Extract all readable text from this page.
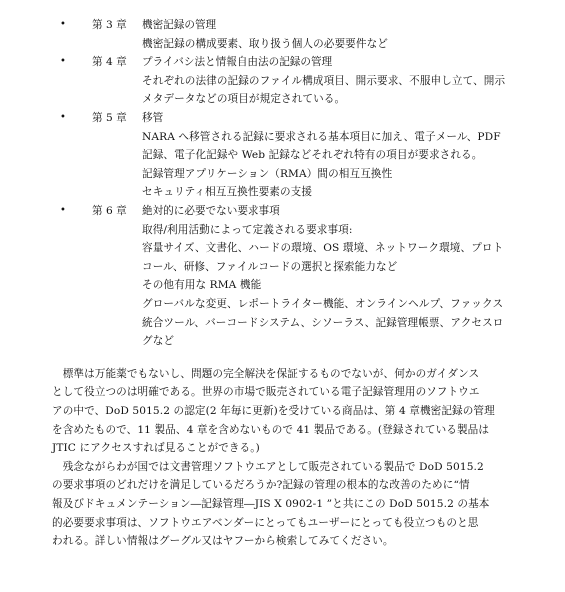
• 第 3 章 機密記録の管理
機密記録の構成要素、取り扱う個人の必要要件など
• 第 4 章 プライバシ法と情報自由法の記録の管理
それぞれの法律の記録のファイル構成項目、開示要求、不服申し立て、開示
メタデータなどの項目が規定されている。
• 第 5 章 移管
NARA へ移管される記録に要求される基本項目に加え、電子メール、PDF
記録、電子化記録や Web 記録などそれぞれ特有の項目が要求される。
記録管理アプリケーション（RMA）間の相互互換性
セキュリティ相互互換性要素の支援
• 第 6 章 絶対的に必要でない要求事項
取得/利用活動によって定義される要求事項:
容量サイズ、文書化、ハードの環境、OS 環境、ネットワーク環境、プロト
コール、研修、ファイルコードの選択と探索能力など
その他有用な RMA 機能
グローバルな変更、レポートライター機能、オンラインヘルプ、ファックス
統合ツール、バーコードシステム、シソーラス、記録管理帳票、アクセスロ
グなど
　標準は万能薬でもないし、問題の完全解決を保証するものでないが、何かのガイダンス
として役立つのは明確である。世界の市場で販売されている電子記録管理用のソフトウエ
アの中で、DoD 5015.2 の認定(2 年毎に更新)を受けている商品は、第 4 章機密記録の管理
を含めたもので、11 製品、4 章を含めないもので 41 製品である。(登録されている製品は
JTIC にアクセスすれば見ることができる。)
　残念ながらわが国では文書管理ソフトウエアとして販売されている製品で DoD 5015.2
の要求事項のどれだけを満足しているだろうか?記録の管理の根本的な改善のために“情
報及びドキュメンテーション―記録管理―JIS X 0902-1 ”と共にこの DoD 5015.2 の基本
的必要要求事項は、ソフトウエアベンダーにとってもユーザーにとっても役立つものと思
われる。詳しい情報はグーグル又はヤフーから検索してみてください。
